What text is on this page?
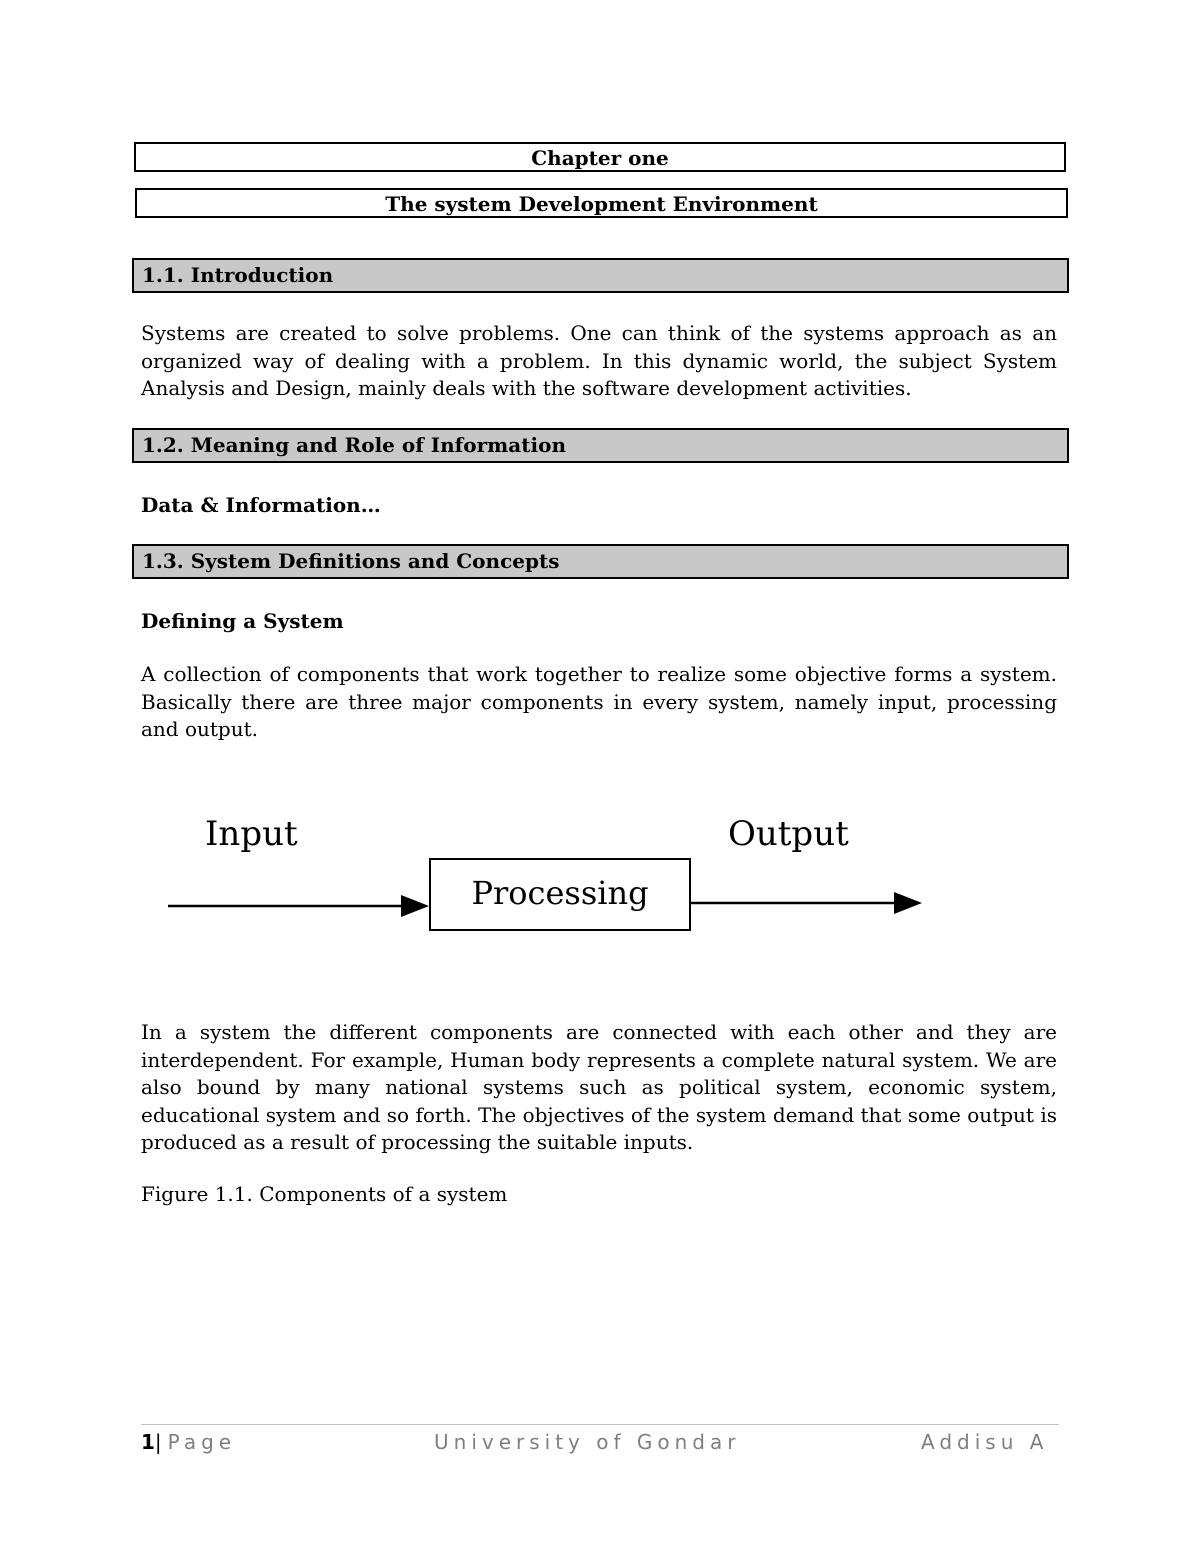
Chapter one
The system Development Environment
1.1. Introduction

Systems are created to solve problems. One can think of the systems approach as an organized way of dealing with a problem. In this dynamic world, the subject System Analysis and Design, mainly deals with the software development activities.

1.2. Meaning and Role of Information
Data & Information…
1.3. System Definitions and Concepts
Defining a System

A collection of components that work together to realize some objective forms a system. Basically there are three major components in every system, namely input, processing and output.

Input	Output
Processing

In a system the different components are connected with each other and they are interdependent. For example, Human body represents a complete natural system. We are also bound by many national systems such as political system, economic system, educational system and so forth. The objectives of the system demand that some output is produced as a result of processing the suitable inputs.

Figure 1.1. Components of a system
1| Page	University of Gondar	Addisu A
